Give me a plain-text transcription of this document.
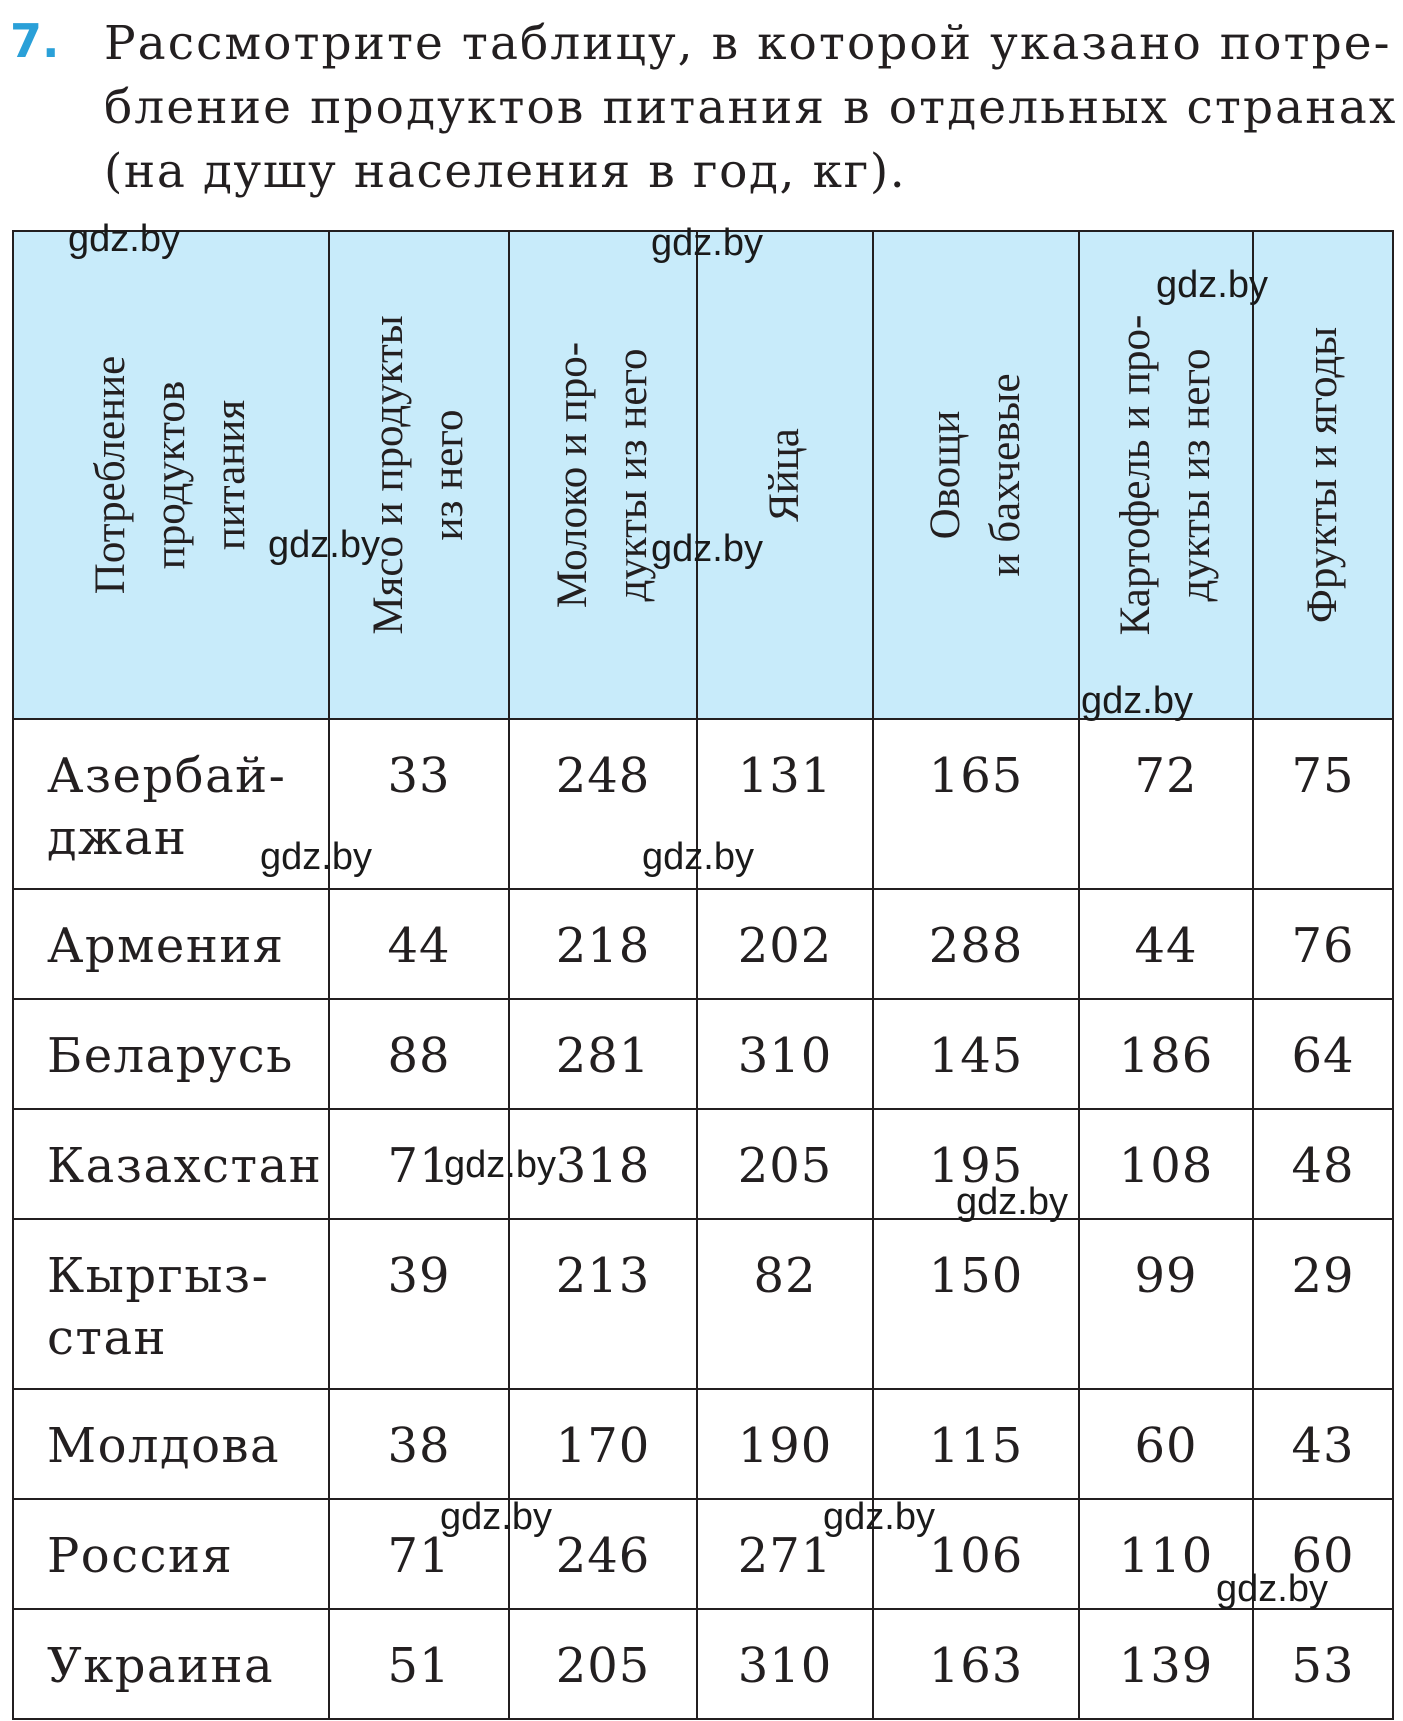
7. Рассмотрите таблицу, в которой указано потре-
бление продуктов питания в отдельных странах
(на душу населения в год, кг).
Потребление продуктов питания	Мясо и продукты из него	Молоко и про- дукты из него	Яйца	Овощи и бахчевые	Картофель и про- дукты из него	Фрукты и ягоды

Азербай-
джан	33	248	131	165	72	75

Армения	44	218	202	288	44	76

Беларусь	88	281	310	145	186	64

Казахстан	71	318	205	195	108	48

Кыргыз-
стан	39	213	82	150	99	29

Молдова	38	170	190	115	60	43

Россия	71	246	271	106	110	60

Украина	51	205	310	163	139	53
gdz.by	gdz.by
gdz.by
gdz.by	gdz.by
gdz.by
gdz.by	gdz.by
gdz.by
gdz.by
gdz.by	gdz.by
gdz.by
